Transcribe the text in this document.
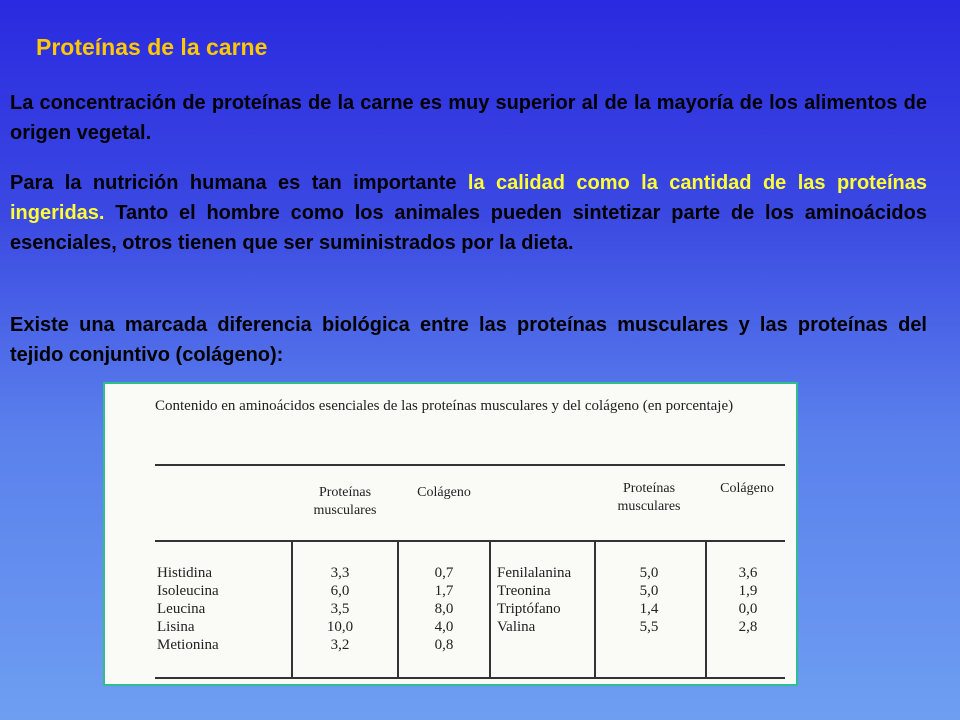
Proteínas de la carne

La concentración de proteínas de la carne es muy superior al de la mayoría de los alimentos de origen vegetal.

Para la nutrición humana es tan importante la calidad como la cantidad de las proteínas ingeridas. Tanto el hombre como los animales pueden sintetizar parte de los aminoácidos esenciales, otros tienen que ser suministrados por la dieta.

Existe una marcada diferencia biológica entre las proteínas musculares y las proteínas del tejido conjuntivo (colágeno):

Contenido en aminoácidos esenciales de las proteínas musculares y del colágeno (en porcentaje)
Proteínas musculares
Colágeno	Proteínas musculares
Colágeno
Histidina
Isoleucina
Leucina
Lisina
Metionina
3,3
6,0
3,5
10,0
3,2
0,7
1,7
8,0
4,0
0,8
Fenilalanina
Treonina
Triptófano
Valina
5,0
5,0
1,4
5,5
3,6
1,9
0,0
2,8
